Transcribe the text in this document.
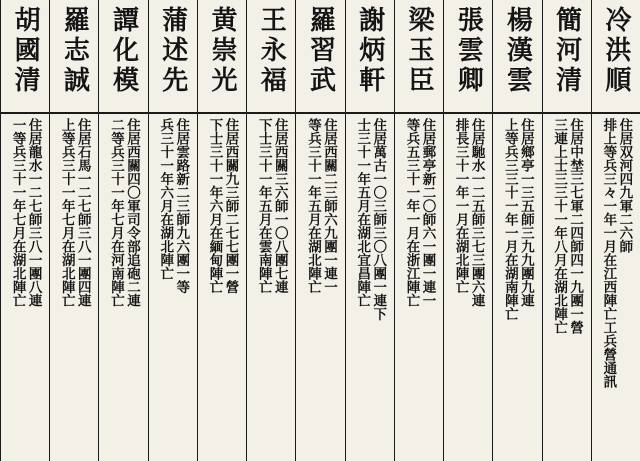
冷洪順
住居双河四九軍二六師
排上等兵三々一年一月在江西陣亡工兵營通訊
簡河清
住居中埜三七軍二四師四一九團一營
三連上士三三十一年八月在湖北陣亡
楊漢雲
住居鄉亭一三五師三九九團九連
上等兵三三十一年一月在湖南陣亡
張雲卿
住居馳水一二五師三七三團六連
排長三十一年一月在湖北陣亡
梁玉臣
住居郵亭新二〇師六一團一連一
等兵五三十一年一月在浙江陣亡
謝炳軒
住居萬古一〇三師三〇八團一連下
士三十一年五月在湖北宜昌陣亡
羅習武
住居西關二三師六九團一連一
等兵三十一年五月在湖北陣亡
王永福
住居西關三六師一〇八團七連
下士三十一年五月在雲南陣亡
黄崇光
住居西關九三師二七七團一營
下士三十一年六月在緬甸陣亡
蒲述先
住居雲路新二三師九六團一等
兵三十一年六月在湖北陣亡
譚化模
住居西關四〇軍司令部追砲二連
二等兵三十一年七月在河南陣亡
羅志誠
住居石馬一二七師三八一團四連
上等兵三十一年七月在湖北陣亡
胡國清
住居龍水一二七師三八一團八連
一等兵三十一年七月在湖北陣亡
